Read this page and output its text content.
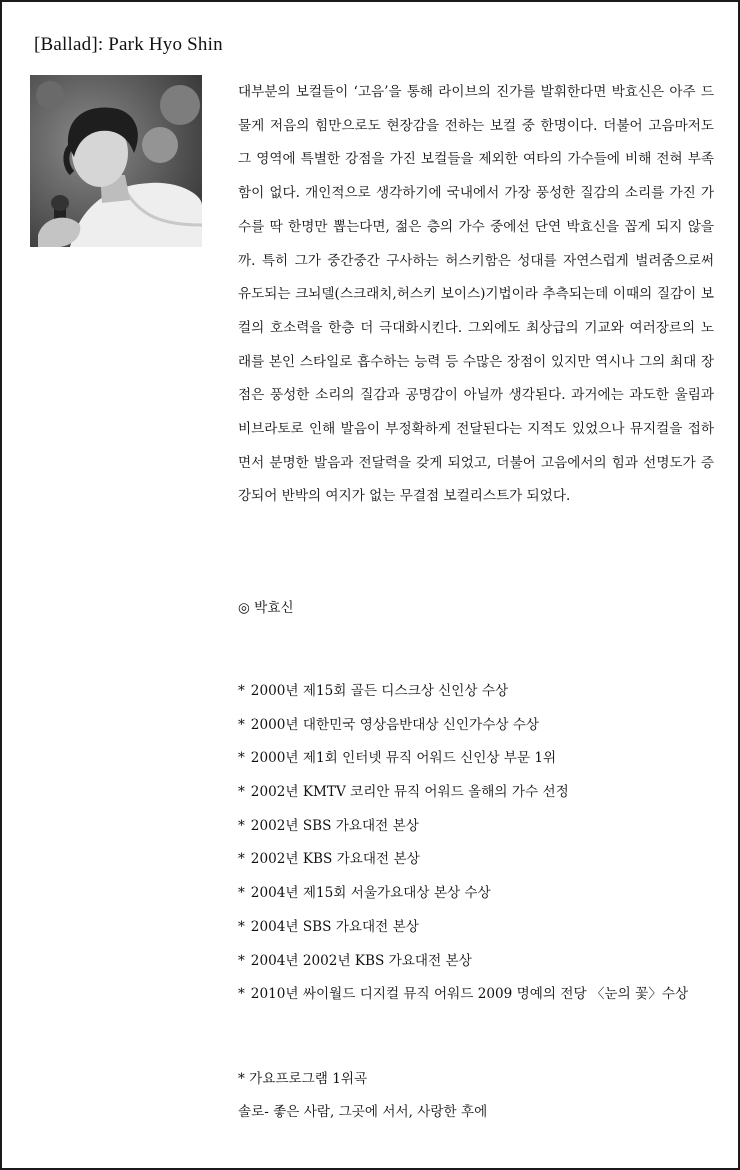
[Ballad]: Park Hyo Shin
대부분의 보컬들이 ‘고음’을 통해 라이브의 진가를 발휘한다면 박효신은 아주 드물게 저음의 힘만으로도 현장감을 전하는 보컬 중 한명이다. 더불어 고음마저도 그 영역에 특별한 강점을 가진 보컬들을 제외한 여타의 가수들에 비해 전혀 부족함이 없다. 개인적으로 생각하기에 국내에서 가장 풍성한 질감의 소리를 가진 가수를 딱 한명만 뽑는다면, 젊은 층의 가수 중에선 단연 박효신을 꼽게 되지 않을까. 특히 그가 중간중간 구사하는 허스키함은 성대를 자연스럽게 벌려줌으로써 유도되는 크뇌델(스크래치,허스키 보이스)기법이라 추측되는데 이때의 질감이 보컬의 호소력을 한층 더 극대화시킨다. 그외에도 최상급의 기교와 여러장르의 노래를 본인 스타일로 흡수하는 능력 등 수많은 장점이 있지만 역시나 그의 최대 장점은 풍성한 소리의 질감과 공명감이 아닐까 생각된다. 과거에는 과도한 울림과 비브라토로 인해 발음이 부정확하게 전달된다는 지적도 있었으나 뮤지컬을 접하면서 분명한 발음과 전달력을 갖게 되었고, 더불어 고음에서의 힘과 선명도가 증강되어 반박의 여지가 없는 무결점 보컬리스트가 되었다.
◎ 박효신
* 2000년 제15회 골든 디스크상 신인상 수상
* 2000년 대한민국 영상음반대상 신인가수상 수상
* 2000년 제1회 인터넷 뮤직 어워드 신인상 부문 1위
* 2002년 KMTV 코리안 뮤직 어워드 올해의 가수 선정
* 2002년 SBS 가요대전 본상
* 2002년 KBS 가요대전 본상
* 2004년 제15회 서울가요대상 본상 수상
* 2004년 SBS 가요대전 본상
* 2004년 2002년 KBS 가요대전 본상
* 2010년 싸이월드 디지컬 뮤직 어워드 2009 명예의 전당 〈눈의 꽃〉수상
* 가요프로그램 1위곡
솔로- 좋은 사람, 그곳에 서서, 사랑한 후에
